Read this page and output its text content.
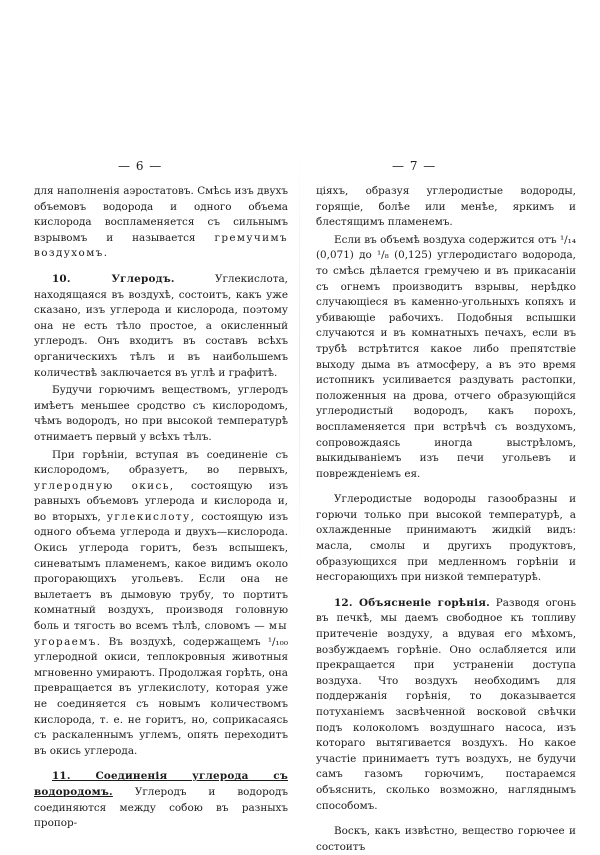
— 6 —

для наполненія аэростатовъ. Смѣсь изъ двухъ объемовъ водорода и одного объема кислорода воспламеняется съ сильнымъ взрывомъ и называется гремучимъ воздухомъ.

10. Углеродъ.	Углекислота, находящаяся въ воздухѣ, состоитъ, какъ уже сказано, изъ углерода и кислорода, поэтому она не есть тѣло простое, а окисленный углеродъ. Онъ входитъ въ составъ всѣхъ органическихъ тѣлъ и въ наибольшемъ количествѣ заключается въ углѣ и графитѣ.

Будучи горючимъ веществомъ, углеродъ имѣетъ меньшее сродство съ кислородомъ, чѣмъ водородъ, но при высокой температурѣ отнимаетъ первый у всѣхъ тѣлъ.

При горѣніи, вступая въ соединеніе съ кислородомъ, образуетъ, во первыхъ, углеродную окись, состоящую изъ равныхъ объемовъ углерода и кислорода и, во вторыхъ, углекислоту, состоящую изъ одного объема углерода и двухъ—кислорода. Окись углерода горитъ, безъ вспышекъ, синеватымъ пламенемъ, какое видимъ около прогорающихъ угольевъ. Если она не вылетаетъ въ дымовую трубу, то портитъ комнатный воздухъ, производя головную боль и тягость во всемъ тѣлѣ, словомъ — мы угораемъ. Въ воздухѣ, содержащемъ ¹/₁₀₀ углеродной окиси, теплокровныя животныя мгновенно умираютъ. Продолжая горѣть, она превращается въ углекислоту, которая уже не соединяется съ новымъ количествомъ кислорода, т. е. не горитъ, но, соприкасаясь съ раскаленнымъ углемъ, опять переходитъ въ окись углерода.

11. Соединенія углерода съ водородомъ. Углеродъ и водородъ соединяются между собою въ разныхъ пропор-

— 7 —

ціяхъ, образуя углеродистые водороды, горящіе, болѣе или менѣе, яркимъ и блестящимъ пламенемъ.

Если въ объемѣ воздуха содержится отъ ¹/₁₄ (0,071) до ¹/₈ (0,125) углеродистаго водорода, то смѣсь дѣлается гремучею и въ прикасаніи съ огнемъ производитъ взрывы, нерѣдко случающіеся въ каменно-угольныхъ копяхъ и убивающіе рабочихъ. Подобныя вспышки случаются и въ комнатныхъ печахъ, если въ трубѣ встрѣтится какое либо препятствіе выходу дыма въ атмосферу, а въ это время истопникъ усиливается раздувать растопки, положенныя на дрова, отчего образующійся углеродистый водородъ, какъ порохъ, воспламеняется при встрѣчѣ съ воздухомъ, сопровождаясь иногда выстрѣломъ, выкидываніемъ изъ печи угольевъ и поврежденіемъ ея.

Углеродистые водороды газообразны и горючи только при высокой температурѣ, а охлажденные принимаютъ жидкій видъ: масла, смолы и другихъ продуктовъ, образующихся при медленномъ горѣніи и несгорающихъ при низкой температурѣ.

12. Объясненіе горѣнія. Разводя огонь въ печкѣ, мы даемъ свободное къ топливу притеченіе воздуху, а вдувая его мѣхомъ, возбуждаемъ горѣніе. Оно ослабляется или прекращается при устраненіи доступа воздуха. Что воздухъ необходимъ для поддержанія горѣнія, то доказывается потуханіемъ засвѣченной восковой свѣчки подъ колоколомъ воздушнаго насоса, изъ котораго вытягивается воздухъ. Но какое участіе принимаетъ тутъ воздухъ, не будучи самъ газомъ горючимъ, постараемся объяснить, сколько возможно, нагляднымъ способомъ.

Воскъ, какъ извѣстно, вещество горючее и состоитъ
